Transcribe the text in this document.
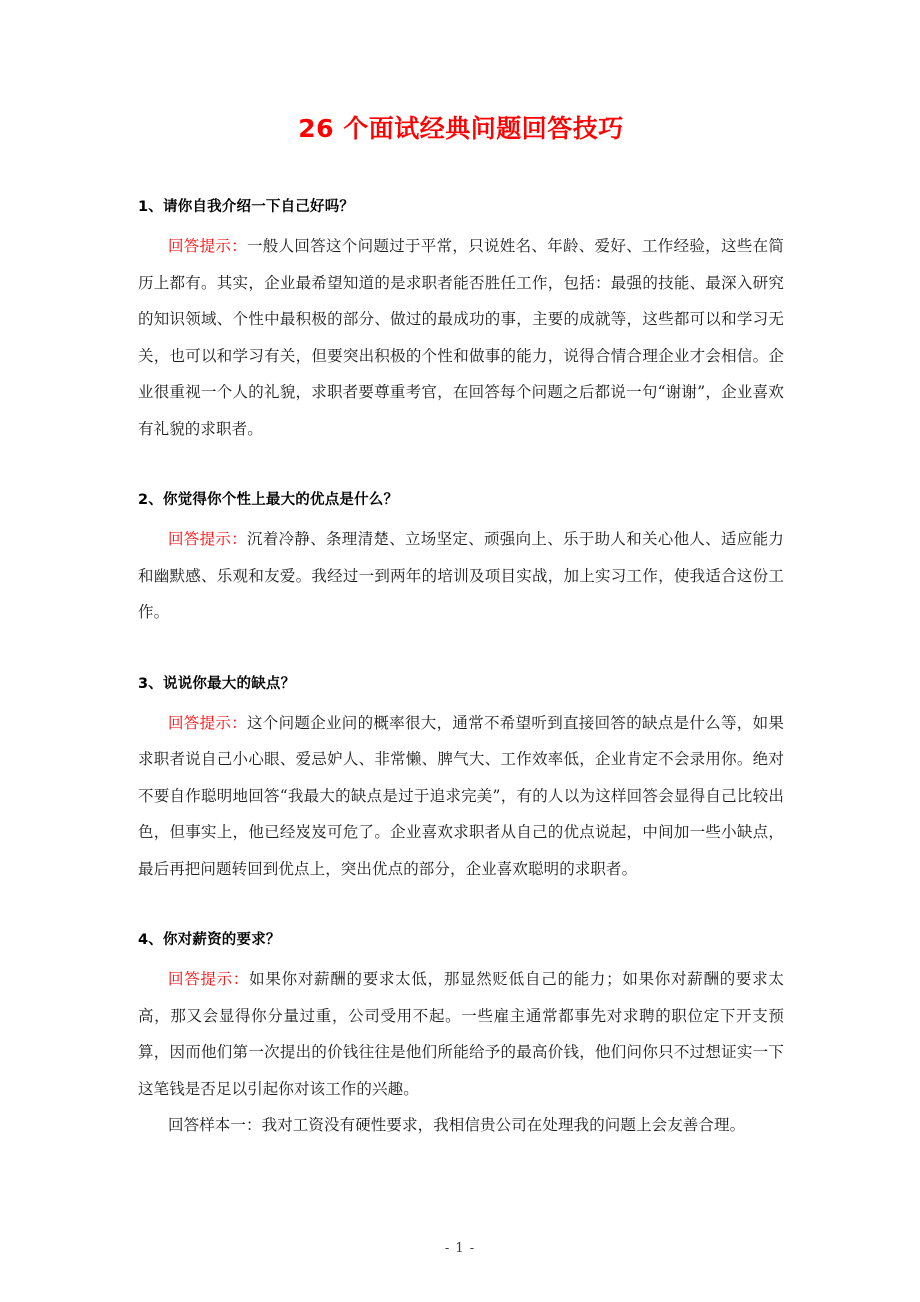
26 个面试经典问题回答技巧
1、请你自我介绍一下自己好吗？

回答提示：一般人回答这个问题过于平常，只说姓名、年龄、爱好、工作经验，这些在简历上都有。其实，企业最希望知道的是求职者能否胜任工作，包括：最强的技能、最深入研究的知识领域、个性中最积极的部分、做过的最成功的事，主要的成就等，这些都可以和学习无关，也可以和学习有关，但要突出积极的个性和做事的能力，说得合情合理企业才会相信。企业很重视一个人的礼貌，求职者要尊重考官，在回答每个问题之后都说一句“谢谢”，企业喜欢有礼貌的求职者。

2、你觉得你个性上最大的优点是什么？

回答提示：沉着冷静、条理清楚、立场坚定、顽强向上、乐于助人和关心他人、适应能力和幽默感、乐观和友爱。我经过一到两年的培训及项目实战，加上实习工作，使我适合这份工作。

3、说说你最大的缺点？

回答提示：这个问题企业问的概率很大，通常不希望听到直接回答的缺点是什么等，如果求职者说自己小心眼、爱忌妒人、非常懒、脾气大、工作效率低，企业肯定不会录用你。绝对不要自作聪明地回答“我最大的缺点是过于追求完美”，有的人以为这样回答会显得自己比较出色，但事实上，他已经岌岌可危了。企业喜欢求职者从自己的优点说起，中间加一些小缺点，最后再把问题转回到优点上，突出优点的部分，企业喜欢聪明的求职者。

4、你对薪资的要求？

回答提示：如果你对薪酬的要求太低，那显然贬低自己的能力；如果你对薪酬的要求太高，那又会显得你分量过重，公司受用不起。一些雇主通常都事先对求聘的职位定下开支预算，因而他们第一次提出的价钱往往是他们所能给予的最高价钱，他们问你只不过想证实一下这笔钱是否足以引起你对该工作的兴趣。

回答样本一：我对工资没有硬性要求，我相信贵公司在处理我的问题上会友善合理。

- 1 -
